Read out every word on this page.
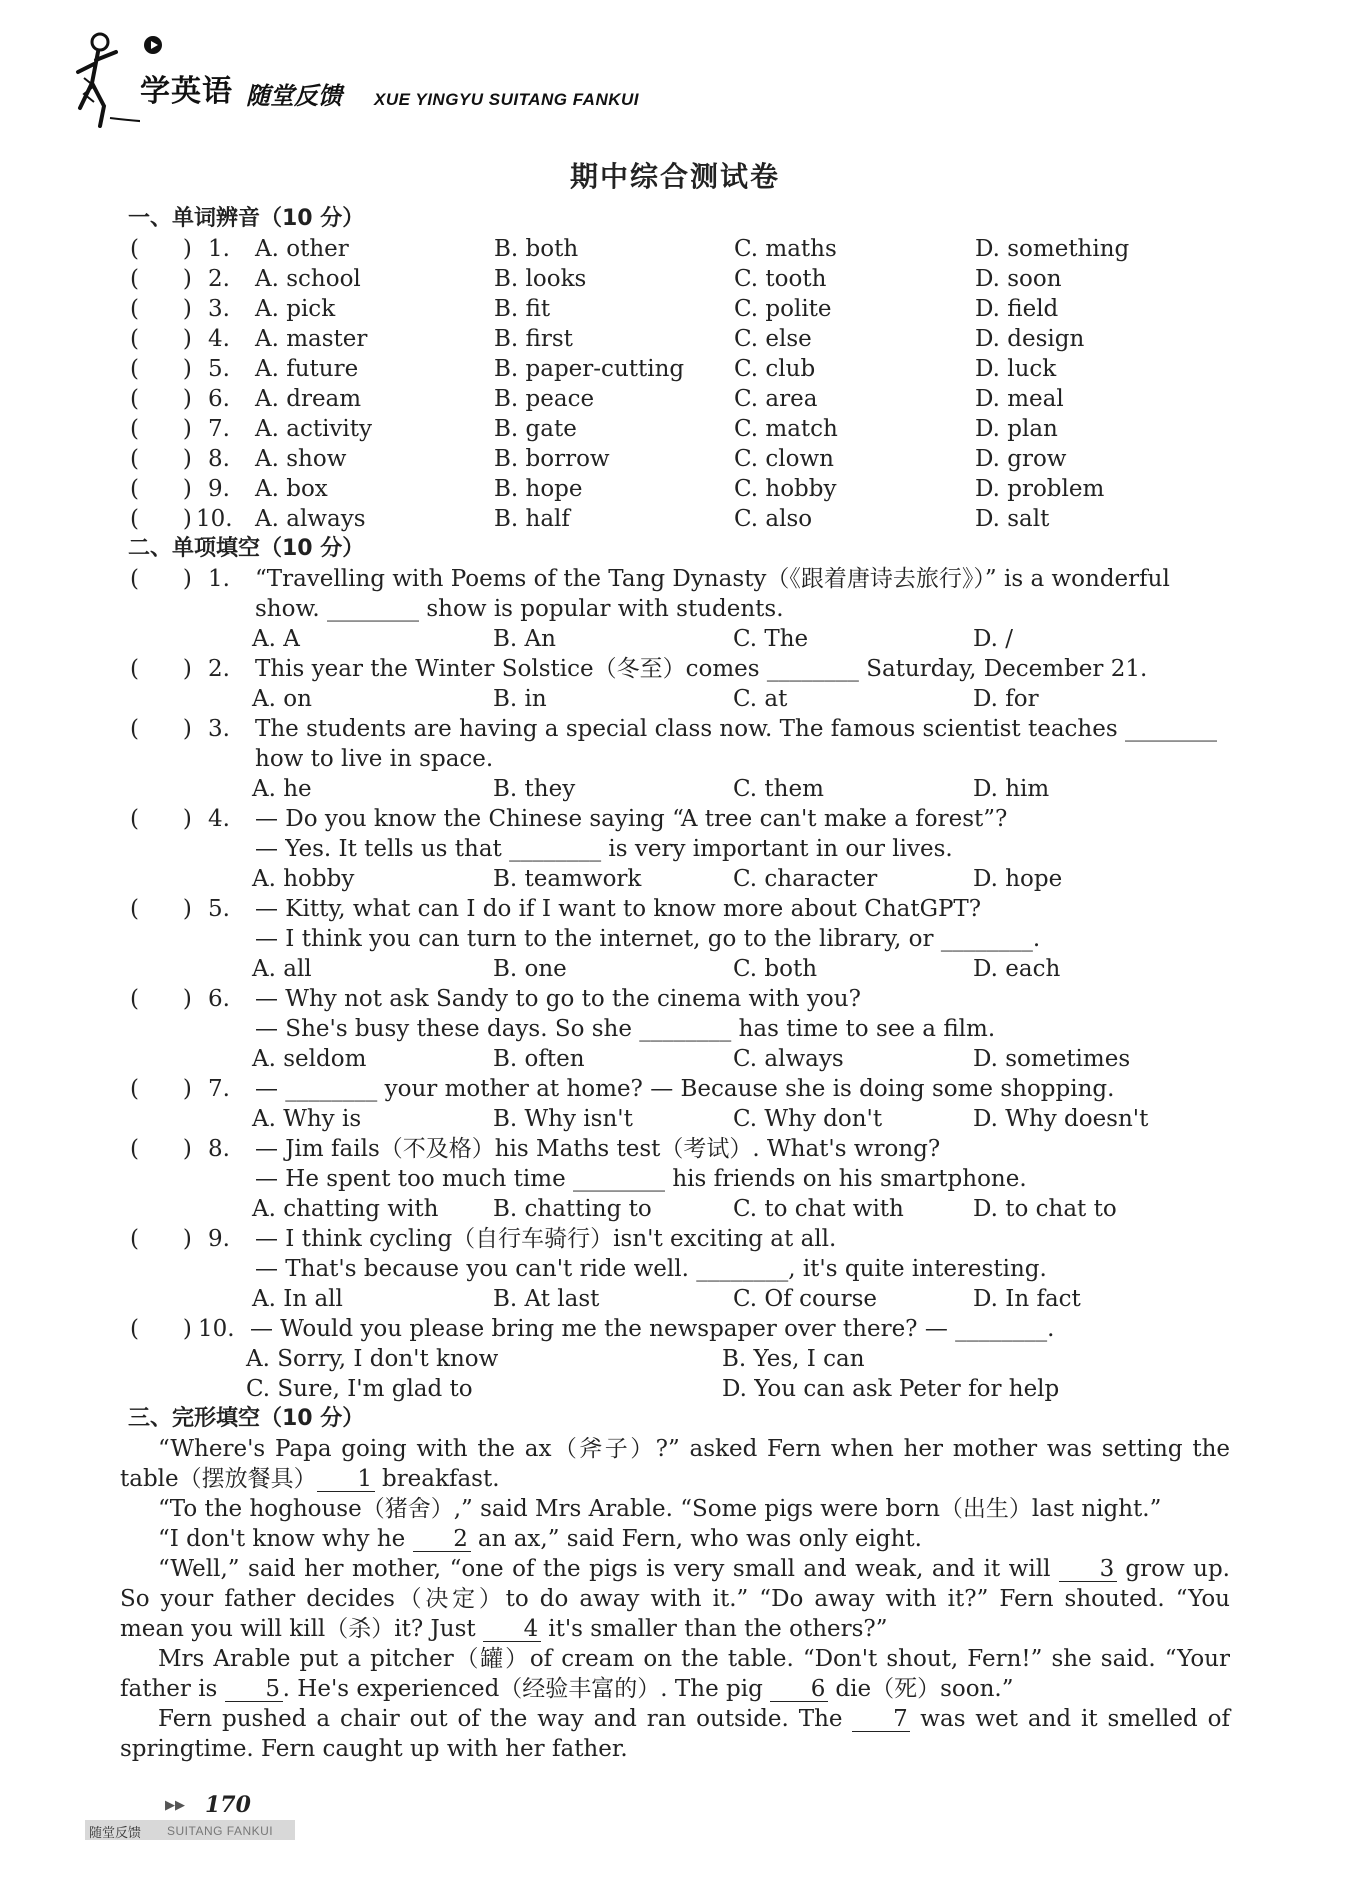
学英语 随堂反馈 XUE YINGYU SUITANG FANKUI
期中综合测试卷
一、单词辨音（10 分）
(      ) 1. A. other	B. both	C. maths	D. something
(      ) 2. A. school	B. looks	C. tooth	D. soon
(      ) 3. A. pick	B. fit	C. polite	D. field
(      ) 4. A. master	B. first	C. else	D. design
(      ) 5. A. future	B. paper-cutting C. club	D. luck
(      ) 6. A. dream	B. peace	C. area	D. meal
(      ) 7. A. activity	B. gate	C. match	D. plan
(      ) 8. A. show	B. borrow	C. clown	D. grow
(      ) 9. A. box	B. hope	C. hobby	D. problem
(      ) 10. A. always	B. half	C. also	D. salt
二、单项填空（10 分）
(      ) 1. “Travelling with Poems of the Tang Dynasty（《跟着唐诗去旅行》）” is a wonderful
show. ________ show is popular with students.
A. A	B. An	C. The	D. /
(      ) 2. This year the Winter Solstice（冬至）comes ________ Saturday, December 21.
A. on	B. in	C. at	D. for
(      ) 3. The students are having a special class now. The famous scientist teaches ________
how to live in space.
A. he	B. they	C. them	D. him
(      ) 4. — Do you know the Chinese saying “A tree can't make a forest”?
— Yes. It tells us that ________ is very important in our lives.
A. hobby	B. teamwork	C. character	D. hope
(      ) 5. — Kitty, what can I do if I want to know more about ChatGPT?
— I think you can turn to the internet, go to the library, or ________.
A. all	B. one	C. both	D. each
(      ) 6. — Why not ask Sandy to go to the cinema with you?
— She's busy these days. So she ________ has time to see a film.
A. seldom	B. often	C. always	D. sometimes
(      ) 7. — ________ your mother at home? — Because she is doing some shopping.
A. Why is	B. Why isn't	C. Why don't	D. Why doesn't
(      ) 8. — Jim fails（不及格）his Maths test（考试）. What's wrong?
— He spent too much time ________ his friends on his smartphone.
A. chatting with B. chatting to	C. to chat with	D. to chat to
(      ) 9. — I think cycling（自行车骑行）isn't exciting at all.
— That's because you can't ride well. ________, it's quite interesting.
A. In all	B. At last	C. Of course	D. In fact
(      ) 10. — Would you please bring me the newspaper over there? — ________.
A. Sorry, I don't know	B. Yes, I can
C. Sure, I'm glad to	D. You can ask Peter for help
三、完形填空（10 分）

“Where's Papa going with the ax（斧子）?” asked Fern when her mother was setting the table（摆放餐具） 1 breakfast.

“To the hoghouse（猪舍）,” said Mrs Arable. “Some pigs were born（出生）last night.”

“I don't know why he 2 an ax,” said Fern, who was only eight.

“Well,” said her mother, “one of the pigs is very small and weak, and it will 3 grow up. So your father decides（决定）to do away with it.” “Do away with it?” Fern shouted. “You mean you will kill（杀）it? Just 4 it's smaller than the others?”

Mrs Arable put a pitcher（罐）of cream on the table. “Don't shout, Fern!” she said. “Your father is 5 . He's experienced（经验丰富的）. The pig 6 die（死）soon.”

Fern pushed a chair out of the way and ran outside. The 7 was wet and it smelled of springtime. Fern caught up with her father.

▶▶ 170
随堂反馈 SUITANG FANKUI
